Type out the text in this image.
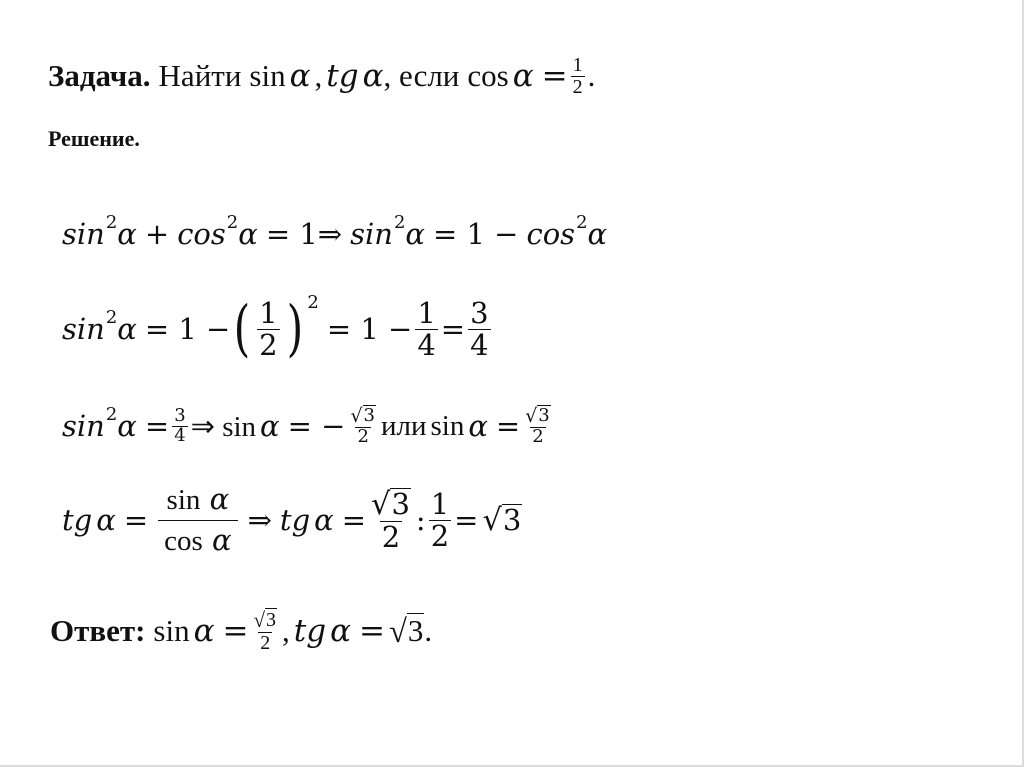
Задача. Найти sin α , tg α , если $\cos \alpha = \frac{1}{2}$ .
Решение.
sin 2 α + cos 2 α = 1⇒ sin 2 α = 1 − cos 2 α
sin 2 α = 1 − ( $\frac{1}{2}$ ) 2
= $1 - \frac{1}{4} = \frac{3}{4}$
sin 2 $\alpha = \frac{3}{4}$ ⇒ sin α = − $\frac{√ 3}{2}$ или $\sin \alpha = \frac{√ 3}{2}$
tg $\alpha = \frac{\text{sin α}}{\text{cos α}}$ ⇒ tg $\alpha = \frac{√ 3}{2}$ : $\frac{1}{2}$ = √ 3
Ответ: $\sin \alpha = \frac{√ 3}{2}$ , tg α = √ 3 .
